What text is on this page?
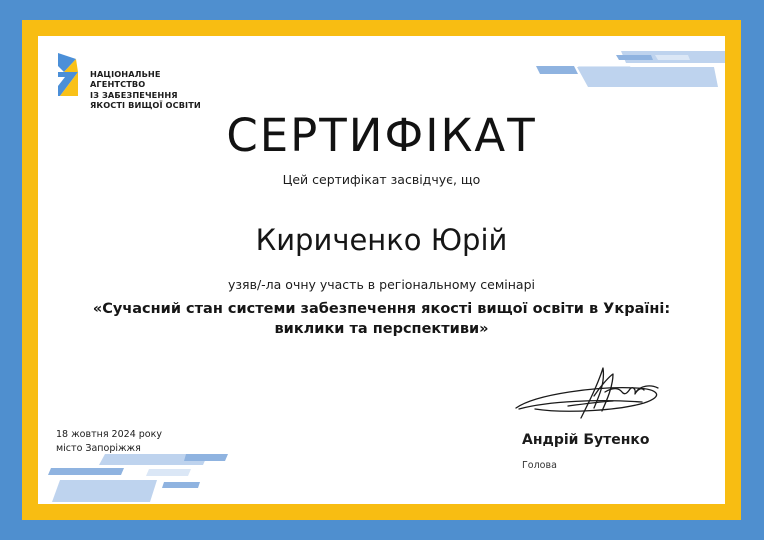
НАЦІОНАЛЬНЕ
АГЕНТСТВО
ІЗ ЗАБЕЗПЕЧЕННЯ
ЯКОСТІ ВИЩОЇ ОСВІТИ
СЕРТИФІКАТ
Цей сертифікат засвідчує, що
Кириченко Юрій
узяв/-ла очну участь в регіональному семінарі
«Сучасний стан системи забезпечення якості вищої освіти в Україні:
виклики та перспективи»
18 жовтня 2024 року
місто Запоріжжя
Андрій Бутенко
Голова
